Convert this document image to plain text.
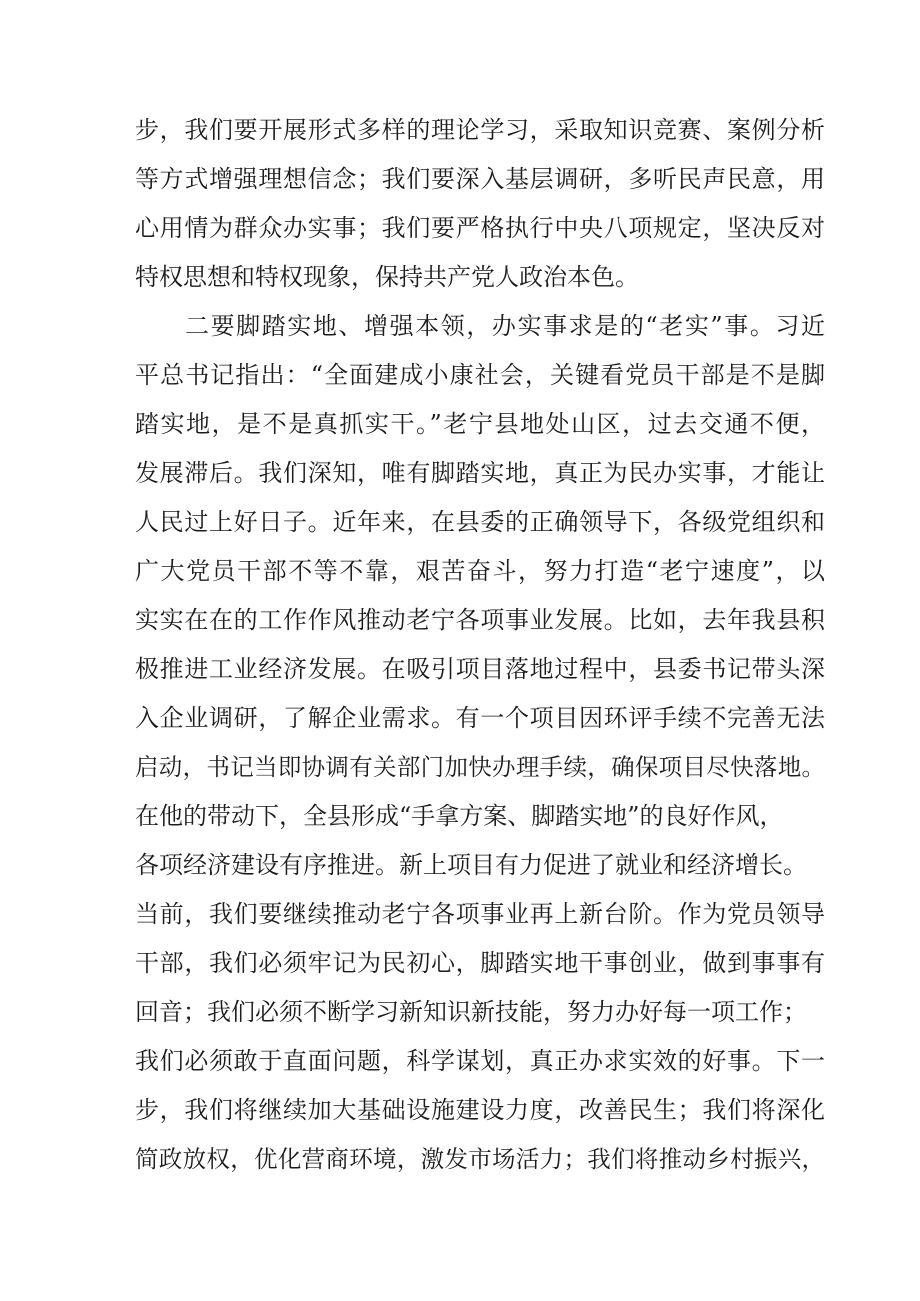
步，我们要开展形式多样的理论学习，采取知识竞赛、案例分析
等方式增强理想信念；我们要深入基层调研，多听民声民意，用
心用情为群众办实事；我们要严格执行中央八项规定，坚决反对
特权思想和特权现象，保持共产党人政治本色。
二要脚踏实地、增强本领，办实事求是的“老实”事。习近
平总书记指出：“全面建成小康社会，关键看党员干部是不是脚
踏实地，是不是真抓实干。”老宁县地处山区，过去交通不便，
发展滞后。我们深知，唯有脚踏实地，真正为民办实事，才能让
人民过上好日子。近年来，在县委的正确领导下，各级党组织和
广大党员干部不等不靠，艰苦奋斗，努力打造“老宁速度”，以
实实在在的工作作风推动老宁各项事业发展。比如，去年我县积
极推进工业经济发展。在吸引项目落地过程中，县委书记带头深
入企业调研，了解企业需求。有一个项目因环评手续不完善无法
启动，书记当即协调有关部门加快办理手续，确保项目尽快落地。
在他的带动下，全县形成“手拿方案、脚踏实地”的良好作风，
各项经济建设有序推进。新上项目有力促进了就业和经济增长。
当前，我们要继续推动老宁各项事业再上新台阶。作为党员领导
干部，我们必须牢记为民初心，脚踏实地干事创业，做到事事有
回音；我们必须不断学习新知识新技能，努力办好每一项工作；
我们必须敢于直面问题，科学谋划，真正办求实效的好事。下一
步，我们将继续加大基础设施建设力度，改善民生；我们将深化
简政放权，优化营商环境，激发市场活力；我们将推动乡村振兴，
